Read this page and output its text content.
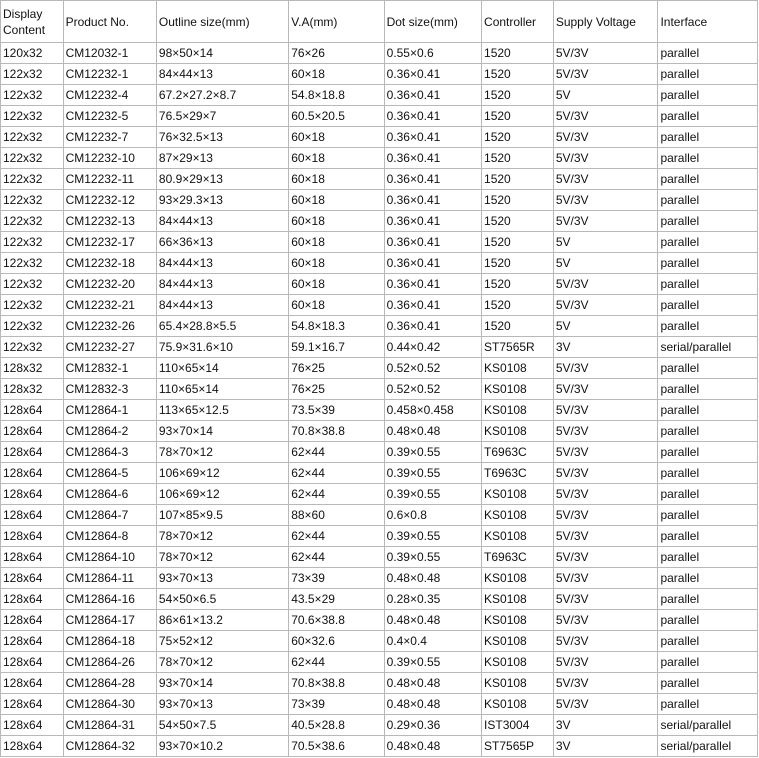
Display Content	Product No.	Outline size(mm)	V.A(mm)	Dot size(mm)	Controller	Supply Voltage	Interface
120x32	CM12032-1	98×50×14	76×26	0.55×0.6	1520	5V/3V	parallel
122x32	CM12232-1	84×44×13	60×18	0.36×0.41	1520	5V/3V	parallel
122x32	CM12232-4	67.2×27.2×8.7	54.8×18.8	0.36×0.41	1520	5V	parallel
122x32	CM12232-5	76.5×29×7	60.5×20.5	0.36×0.41	1520	5V/3V	parallel
122x32	CM12232-7	76×32.5×13	60×18	0.36×0.41	1520	5V/3V	parallel
122x32	CM12232-10	87×29×13	60×18	0.36×0.41	1520	5V/3V	parallel
122x32	CM12232-11	80.9×29×13	60×18	0.36×0.41	1520	5V/3V	parallel
122x32	CM12232-12	93×29.3×13	60×18	0.36×0.41	1520	5V/3V	parallel
122x32	CM12232-13	84×44×13	60×18	0.36×0.41	1520	5V/3V	parallel
122x32	CM12232-17	66×36×13	60×18	0.36×0.41	1520	5V	parallel
122x32	CM12232-18	84×44×13	60×18	0.36×0.41	1520	5V	parallel
122x32	CM12232-20	84×44×13	60×18	0.36×0.41	1520	5V/3V	parallel
122x32	CM12232-21	84×44×13	60×18	0.36×0.41	1520	5V/3V	parallel
122x32	CM12232-26	65.4×28.8×5.5	54.8×18.3	0.36×0.41	1520	5V	parallel
122x32	CM12232-27	75.9×31.6×10	59.1×16.7	0.44×0.42	ST7565R	3V	serial/parallel
128x32	CM12832-1	110×65×14	76×25	0.52×0.52	KS0108	5V/3V	parallel
128x32	CM12832-3	110×65×14	76×25	0.52×0.52	KS0108	5V/3V	parallel
128x64	CM12864-1	113×65×12.5	73.5×39	0.458×0.458	KS0108	5V/3V	parallel
128x64	CM12864-2	93×70×14	70.8×38.8	0.48×0.48	KS0108	5V/3V	parallel
128x64	CM12864-3	78×70×12	62×44	0.39×0.55	T6963C	5V/3V	parallel
128x64	CM12864-5	106×69×12	62×44	0.39×0.55	T6963C	5V/3V	parallel
128x64	CM12864-6	106×69×12	62×44	0.39×0.55	KS0108	5V/3V	parallel
128x64	CM12864-7	107×85×9.5	88×60	0.6×0.8	KS0108	5V/3V	parallel
128x64	CM12864-8	78×70×12	62×44	0.39×0.55	KS0108	5V/3V	parallel
128x64	CM12864-10	78×70×12	62×44	0.39×0.55	T6963C	5V/3V	parallel
128x64	CM12864-11	93×70×13	73×39	0.48×0.48	KS0108	5V/3V	parallel
128x64	CM12864-16	54×50×6.5	43.5×29	0.28×0.35	KS0108	5V/3V	parallel
128x64	CM12864-17	86×61×13.2	70.6×38.8	0.48×0.48	KS0108	5V/3V	parallel
128x64	CM12864-18	75×52×12	60×32.6	0.4×0.4	KS0108	5V/3V	parallel
128x64	CM12864-26	78×70×12	62×44	0.39×0.55	KS0108	5V/3V	parallel
128x64	CM12864-28	93×70×14	70.8×38.8	0.48×0.48	KS0108	5V/3V	parallel
128x64	CM12864-30	93×70×13	73×39	0.48×0.48	KS0108	5V/3V	parallel
128x64	CM12864-31	54×50×7.5	40.5×28.8	0.29×0.36	IST3004	3V	serial/parallel
128x64	CM12864-32	93×70×10.2	70.5×38.6	0.48×0.48	ST7565P	3V	serial/parallel
